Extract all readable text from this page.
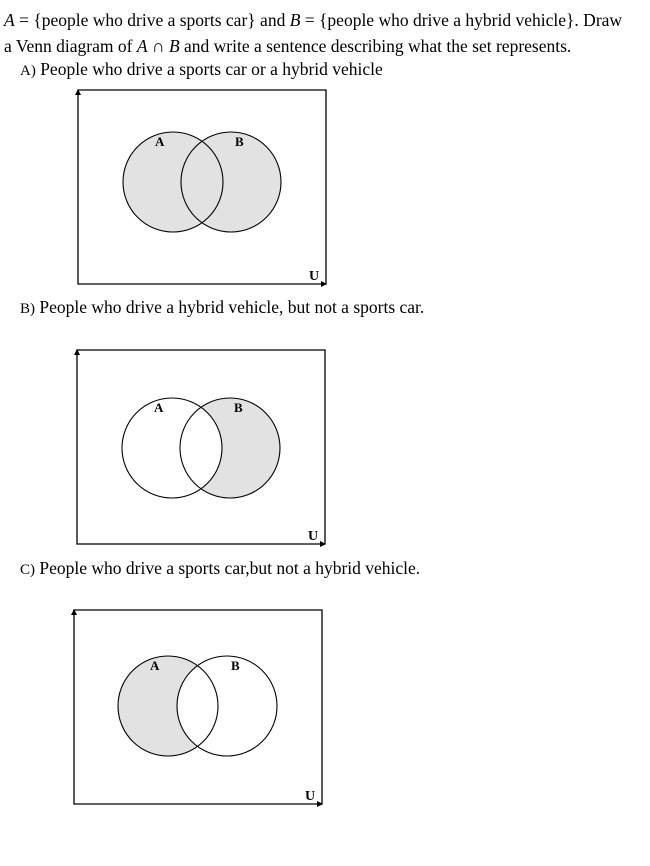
A = {people who drive a sports car} and B = {people who drive a hybrid vehicle}. Draw
a Venn diagram of A ∩ B and write a sentence describing what the set represents.
A) People who drive a sports car or a hybrid vehicle
A	B
U
B) People who drive a hybrid vehicle, but not a sports car.
A	B
U
C) People who drive a sports car,but not a hybrid vehicle.
A	B
U
